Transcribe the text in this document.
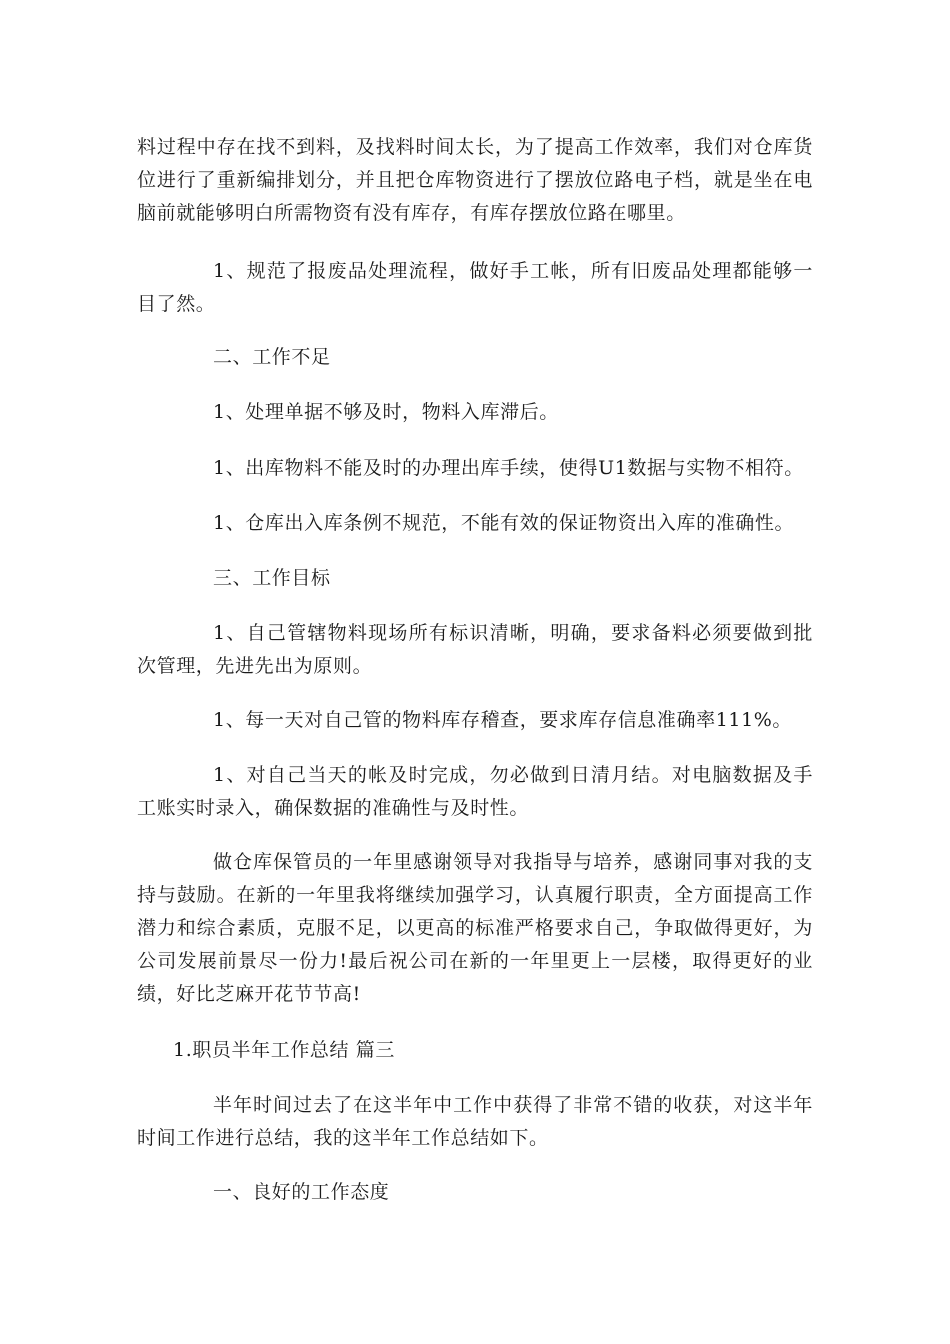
料过程中存在找不到料，及找料时间太长，为了提高工作效率，我们对仓库货位进行了重新编排划分，并且把仓库物资进行了摆放位路电子档，就是坐在电脑前就能够明白所需物资有没有库存，有库存摆放位路在哪里。

1、规范了报废品处理流程，做好手工帐，所有旧废品处理都能够一目了然。

二、工作不足

1、处理单据不够及时，物料入库滞后。

1、出库物料不能及时的办理出库手续，使得U1数据与实物不相符。

1、仓库出入库条例不规范，不能有效的保证物资出入库的准确性。

三、工作目标

1、自己管辖物料现场所有标识清晰，明确，要求备料必须要做到批次管理，先进先出为原则。

1、每一天对自己管的物料库存稽查，要求库存信息准确率111%。

1、对自己当天的帐及时完成，勿必做到日清月结。对电脑数据及手工账实时录入，确保数据的准确性与及时性。

做仓库保管员的一年里感谢领导对我指导与培养，感谢同事对我的支持与鼓励。在新的一年里我将继续加强学习，认真履行职责，全方面提高工作潜力和综合素质，克服不足，以更高的标准严格要求自己，争取做得更好，为公司发展前景尽一份力!最后祝公司在新的一年里更上一层楼，取得更好的业绩，好比芝麻开花节节高!

1.职员半年工作总结 篇三

半年时间过去了在这半年中工作中获得了非常不错的收获，对这半年时间工作进行总结，我的这半年工作总结如下。

一、良好的工作态度
